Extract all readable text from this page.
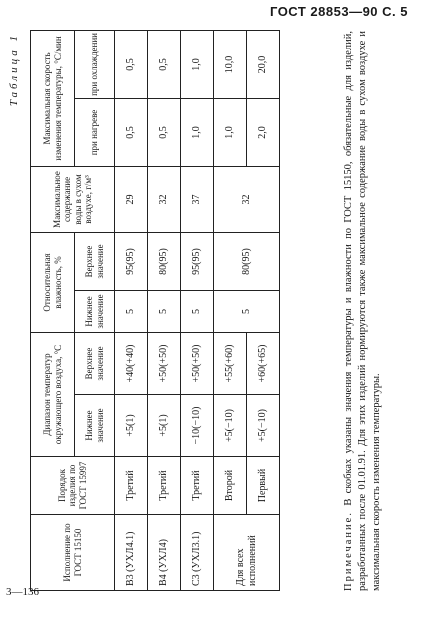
ГОСТ 28853—90 С. 5
Таблица 1
Исполнение по ГОСТ 15150	Порядок изделия по ГОСТ 15997	Диапазон температур окружающего воздуха, °С		Относительная влажность, %		Максимальное содержание воды в сухом воздухе, г/м³	Максимальная скорость изменения температуры, °С/мин	
		Нижнее значение	Верхнее значение	Нижнее значение	Верхнее значение		при нагреве	при охлаждении
В3 (УХЛ4.1)	Третий	+5(1)	+40(+40)	5	95(95)	29	0,5	0,5
В4 (УХЛ4)	Третий	+5(1)	+50(+50)	5	80(95)	32	0,5	0,5
С3 (УХЛ3.1)	Третий	−10(−10)	+50(+50)	5	95(95)	37	1,0	1,0
Для всех исполнений	Второй	+5(−10)	+55(+60)	5	80(95)	32	1,0	10,0
	Первый	+5(−10)	+60(+65)				2,0	20,0
Примечание. В скобках указаны значения температуры и влажности по ГОСТ 15150, обязательные для изделий, разработанных после 01.01.91. Для этих изделий нормируются также максимальное содержание воды в сухом воздухе и максимальная скорость изменения температуры.
3—136
